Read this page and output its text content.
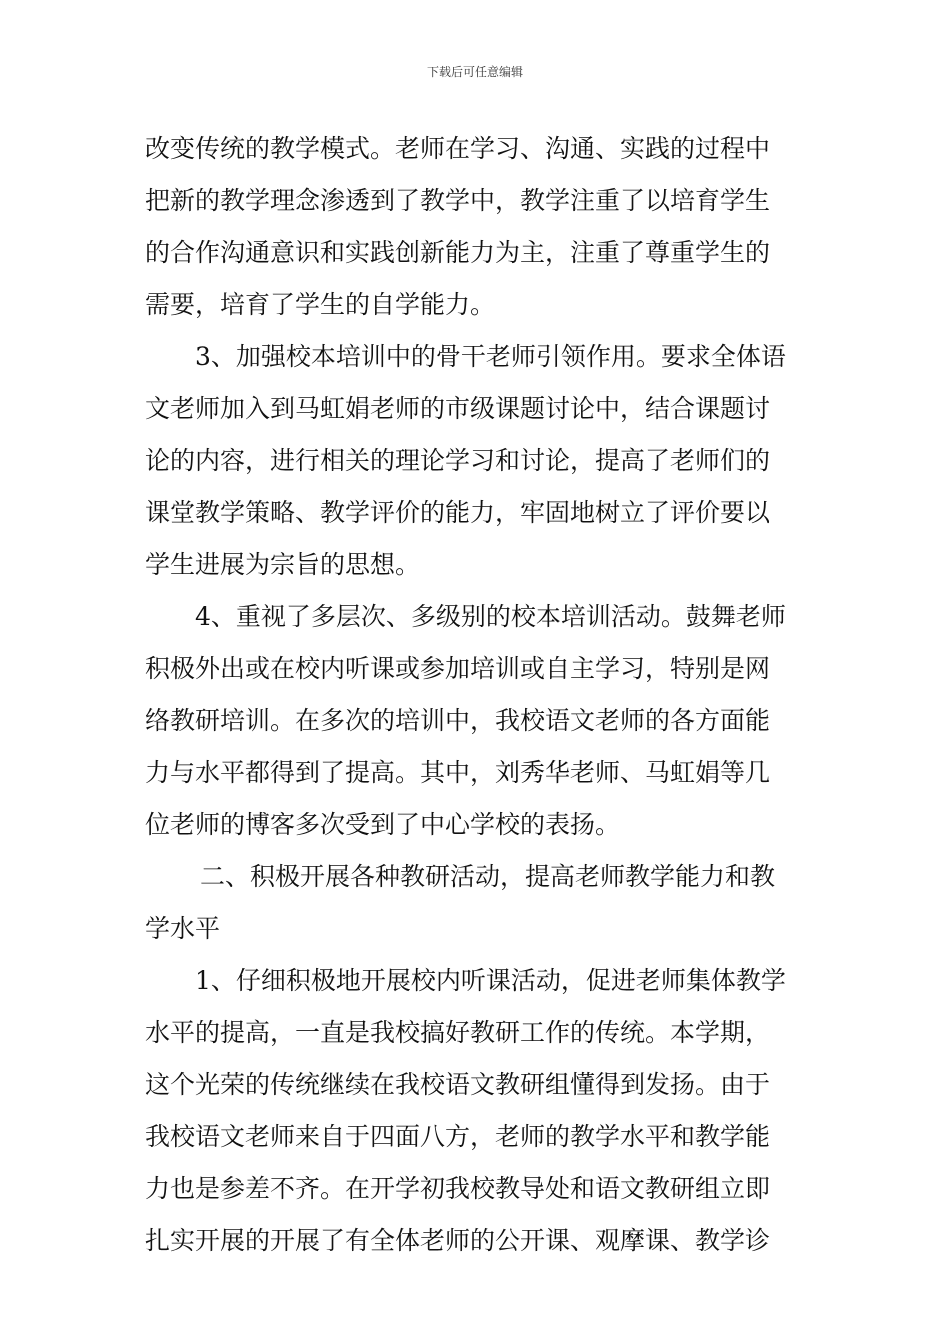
下载后可任意编辑
改变传统的教学模式。老师在学习、沟通、实践的过程中
把新的教学理念渗透到了教学中，教学注重了以培育学生
的合作沟通意识和实践创新能力为主，注重了尊重学生的
需要，培育了学生的自学能力。
3、加强校本培训中的骨干老师引领作用。要求全体语
文老师加入到马虹娟老师的市级课题讨论中，结合课题讨
论的内容，进行相关的理论学习和讨论，提高了老师们的
课堂教学策略、教学评价的能力，牢固地树立了评价要以
学生进展为宗旨的思想。
4、重视了多层次、多级别的校本培训活动。鼓舞老师
积极外出或在校内听课或参加培训或自主学习，特别是网
络教研培训。在多次的培训中，我校语文老师的各方面能
力与水平都得到了提高。其中，刘秀华老师、马虹娟等几
位老师的博客多次受到了中心学校的表扬。
二、积极开展各种教研活动，提高老师教学能力和教
学水平
1、仔细积极地开展校内听课活动，促进老师集体教学
水平的提高，一直是我校搞好教研工作的传统。本学期，
这个光荣的传统继续在我校语文教研组懂得到发扬。由于
我校语文老师来自于四面八方，老师的教学水平和教学能
力也是参差不齐。在开学初我校教导处和语文教研组立即
扎实开展的开展了有全体老师的公开课、观摩课、教学诊
